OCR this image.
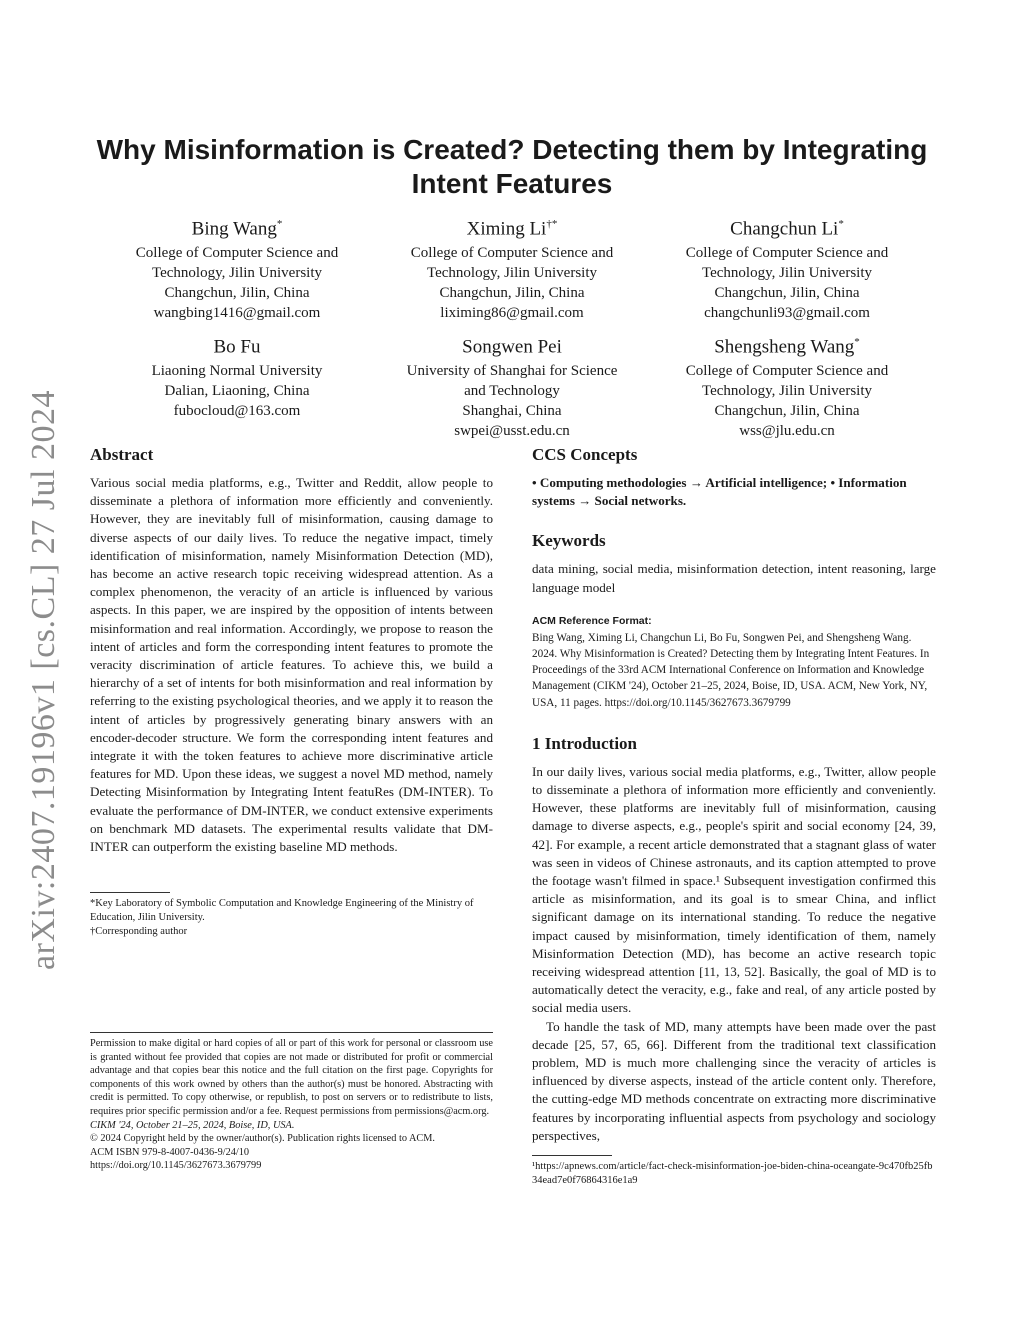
arXiv:2407.19196v1 [cs.CL] 27 Jul 2024
Why Misinformation is Created? Detecting them by Integrating Intent Features
Bing Wang*
College of Computer Science and
Technology, Jilin University
Changchun, Jilin, China
wangbing1416@gmail.com
Ximing Li†*
College of Computer Science and
Technology, Jilin University
Changchun, Jilin, China
liximing86@gmail.com
Changchun Li*
College of Computer Science and
Technology, Jilin University
Changchun, Jilin, China
changchunli93@gmail.com
Bo Fu
Liaoning Normal University
Dalian, Liaoning, China
fubocloud@163.com
Songwen Pei
University of Shanghai for Science
and Technology
Shanghai, China
swpei@usst.edu.cn
Shengsheng Wang*
College of Computer Science and
Technology, Jilin University
Changchun, Jilin, China
wss@jlu.edu.cn
Abstract

Various social media platforms, e.g., Twitter and Reddit, allow people to disseminate a plethora of information more efficiently and conveniently. However, they are inevitably full of misinformation, causing damage to diverse aspects of our daily lives. To reduce the negative impact, timely identification of misinformation, namely Misinformation Detection (MD), has become an active research topic receiving widespread attention. As a complex phenomenon, the veracity of an article is influenced by various aspects. In this paper, we are inspired by the opposition of intents between misinformation and real information. Accordingly, we propose to reason the intent of articles and form the corresponding intent features to promote the veracity discrimination of article features. To achieve this, we build a hierarchy of a set of intents for both misinformation and real information by referring to the existing psychological theories, and we apply it to reason the intent of articles by progressively generating binary answers with an encoder-decoder structure. We form the corresponding intent features and integrate it with the token features to achieve more discriminative article features for MD. Upon these ideas, we suggest a novel MD method, namely Detecting Misinformation by Integrating Intent featuRes (DM-INTER). To evaluate the performance of DM-INTER, we conduct extensive experiments on benchmark MD datasets. The experimental results validate that DM-INTER can outperform the existing baseline MD methods.

*Key Laboratory of Symbolic Computation and Knowledge Engineering of the Ministry of Education, Jilin University.

†Corresponding author

Permission to make digital or hard copies of all or part of this work for personal or classroom use is granted without fee provided that copies are not made or distributed for profit or commercial advantage and that copies bear this notice and the full citation on the first page. Copyrights for components of this work owned by others than the author(s) must be honored. Abstracting with credit is permitted. To copy otherwise, or republish, to post on servers or to redistribute to lists, requires prior specific permission and/or a fee. Request permissions from permissions@acm.org.

CIKM '24, October 21–25, 2024, Boise, ID, USA.

© 2024 Copyright held by the owner/author(s). Publication rights licensed to ACM.

ACM ISBN 979-8-4007-0436-9/24/10

https://doi.org/10.1145/3627673.3679799

CCS Concepts

• Computing methodologies → Artificial intelligence; • Information systems → Social networks.

Keywords

data mining, social media, misinformation detection, intent reasoning, large language model

ACM Reference Format:

Bing Wang, Ximing Li, Changchun Li, Bo Fu, Songwen Pei, and Shengsheng Wang. 2024. Why Misinformation is Created? Detecting them by Integrating Intent Features. In Proceedings of the 33rd ACM International Conference on Information and Knowledge Management (CIKM '24), October 21–25, 2024, Boise, ID, USA. ACM, New York, NY, USA, 11 pages. https://doi.org/10.1145/3627673.3679799

1 Introduction

In our daily lives, various social media platforms, e.g., Twitter, allow people to disseminate a plethora of information more efficiently and conveniently. However, these platforms are inevitably full of misinformation, causing damage to diverse aspects, e.g., people's spirit and social economy [24, 39, 42]. For example, a recent article demonstrated that a stagnant glass of water was seen in videos of Chinese astronauts, and its caption attempted to prove the footage wasn't filmed in space.¹ Subsequent investigation confirmed this article as misinformation, and its goal is to smear China, and inflict significant damage on its international standing. To reduce the negative impact caused by misinformation, timely identification of them, namely Misinformation Detection (MD), has become an active research topic receiving widespread attention [11, 13, 52]. Basically, the goal of MD is to automatically detect the veracity, e.g., fake and real, of any article posted by social media users.

To handle the task of MD, many attempts have been made over the past decade [25, 57, 65, 66]. Different from the traditional text classification problem, MD is much more challenging since the veracity of articles is influenced by diverse aspects, instead of the article content only. Therefore, the cutting-edge MD methods concentrate on extracting more discriminative features by incorporating influential aspects from psychology and sociology perspectives,

¹https://apnews.com/article/fact-check-misinformation-joe-biden-china-oceangate-9c470fb25fb34ead7e0f76864316e1a9
